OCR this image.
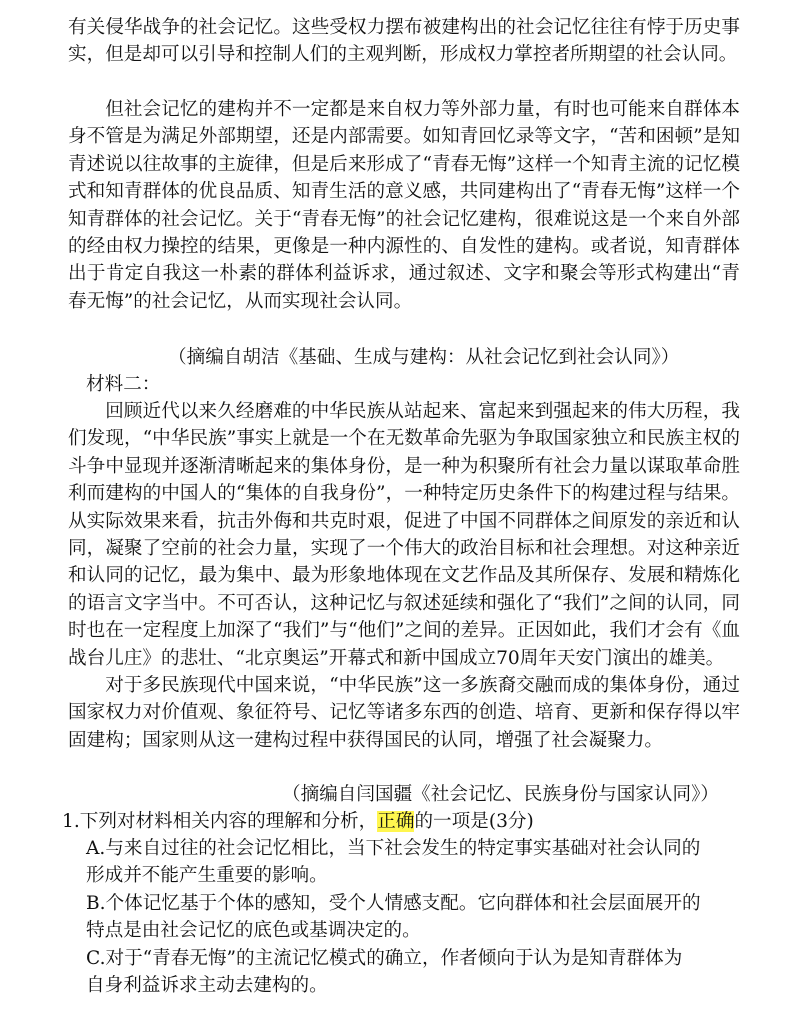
有关侵华战争的社会记忆。这些受权力摆布被建构出的社会记忆往往有悖于历史事实，但是却可以引导和控制人们的主观判断，形成权力掌控者所期望的社会认同。

但社会记忆的建构并不一定都是来自权力等外部力量，有时也可能来自群体本身不管是为满足外部期望，还是内部需要。如知青回忆录等文字，“苦和困顿”是知青述说以往故事的主旋律，但是后来形成了“青春无悔”这样一个知青主流的记忆模式和知青群体的优良品质、知青生活的意义感，共同建构出了“青春无悔”这样一个知青群体的社会记忆。关于“青春无悔”的社会记忆建构，很难说这是一个来自外部的经由权力操控的结果，更像是一种内源性的、自发性的建构。或者说，知青群体出于肯定自我这一朴素的群体利益诉求，通过叙述、文字和聚会等形式构建出“青春无悔”的社会记忆，从而实现社会认同。

（摘编自胡洁《基础、生成与建构：从社会记忆到社会认同》）

材料二：

回顾近代以来久经磨难的中华民族从站起来、富起来到强起来的伟大历程，我们发现，“中华民族”事实上就是一个在无数革命先驱为争取国家独立和民族主权的斗争中显现并逐渐清晰起来的集体身份，是一种为积聚所有社会力量以谋取革命胜利而建构的中国人的“集体的自我身份”，一种特定历史条件下的构建过程与结果。从实际效果来看，抗击外侮和共克时艰，促进了中国不同群体之间原发的亲近和认同，凝聚了空前的社会力量，实现了一个伟大的政治目标和社会理想。对这种亲近和认同的记忆，最为集中、最为形象地体现在文艺作品及其所保存、发展和精炼化的语言文字当中。不可否认，这种记忆与叙述延续和强化了“我们”之间的认同，同时也在一定程度上加深了“我们”与“他们”之间的差异。正因如此，我们才会有《血战台儿庄》的悲壮、“北京奥运”开幕式和新中国成立70周年天安门演出的雄美。

对于多民族现代中国来说，“中华民族”这一多族裔交融而成的集体身份，通过国家权力对价值观、象征符号、记忆等诸多东西的创造、培育、更新和保存得以牢固建构；国家则从这一建构过程中获得国民的认同，增强了社会凝聚力。

（摘编自闫国疆《社会记忆、民族身份与国家认同》）

1.下列对材料相关内容的理解和分析，正确的一项是(3分)

A.与来自过往的社会记忆相比，当下社会发生的特定事实基础对社会认同的
形成并不能产生重要的影响。

B.个体记忆基于个体的感知，受个人情感支配。它向群体和社会层面展开的
特点是由社会记忆的底色或基调决定的。

C.对于“青春无悔”的主流记忆模式的确立，作者倾向于认为是知青群体为
自身利益诉求主动去建构的。
